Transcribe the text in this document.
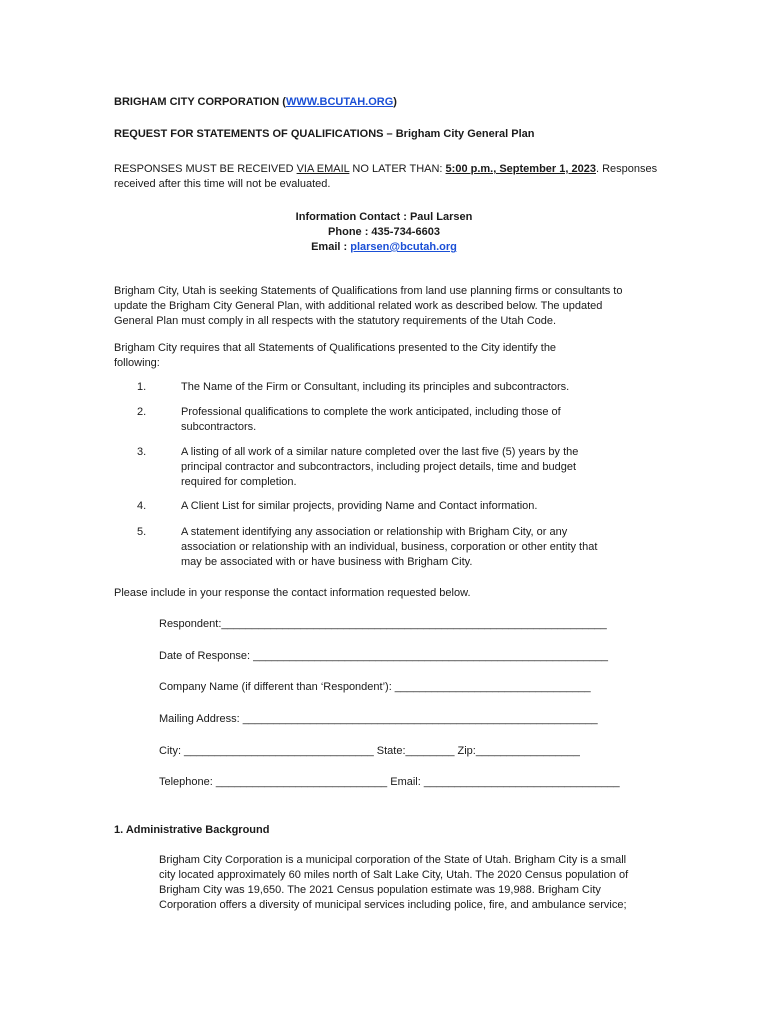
BRIGHAM CITY CORPORATION (WWW.BCUTAH.ORG)
REQUEST FOR STATEMENTS OF QUALIFICATIONS – Brigham City General Plan
RESPONSES MUST BE RECEIVED VIA EMAIL NO LATER THAN: 5:00 p.m., September 1, 2023. Responses
received after this time will not be evaluated.
Information Contact : Paul Larsen
Phone : 435-734-6603
Email : plarsen@bcutah.org
Brigham City, Utah is seeking Statements of Qualifications from land use planning firms or consultants to
update the Brigham City General Plan, with additional related work as described below. The updated
General Plan must comply in all respects with the statutory requirements of the Utah Code.
Brigham City requires that all Statements of Qualifications presented to the City identify the
following:
1.	The Name of the Firm or Consultant, including its principles and subcontractors.
2.	Professional qualifications to complete the work anticipated, including those of
subcontractors.
3.	A listing of all work of a similar nature completed over the last five (5) years by the
principal contractor and subcontractors, including project details, time and budget
required for completion.
4.	A Client List for similar projects, providing Name and Contact information.
5.	A statement identifying any association or relationship with Brigham City, or any
association or relationship with an individual, business, corporation or other entity that
may be associated with or have business with Brigham City.
Please include in your response the contact information requested below.
Respondent:_______________________________________________________________
Date of Response: __________________________________________________________
Company Name (if different than ‘Respondent’): ________________________________
Mailing Address: __________________________________________________________
City: _______________________________ State:________ Zip:_________________
Telephone: ____________________________ Email: ________________________________
1. Administrative Background
Brigham City Corporation is a municipal corporation of the State of Utah. Brigham City is a small
city located approximately 60 miles north of Salt Lake City, Utah. The 2020 Census population of
Brigham City was 19,650. The 2021 Census population estimate was 19,988. Brigham City
Corporation offers a diversity of municipal services including police, fire, and ambulance service;
